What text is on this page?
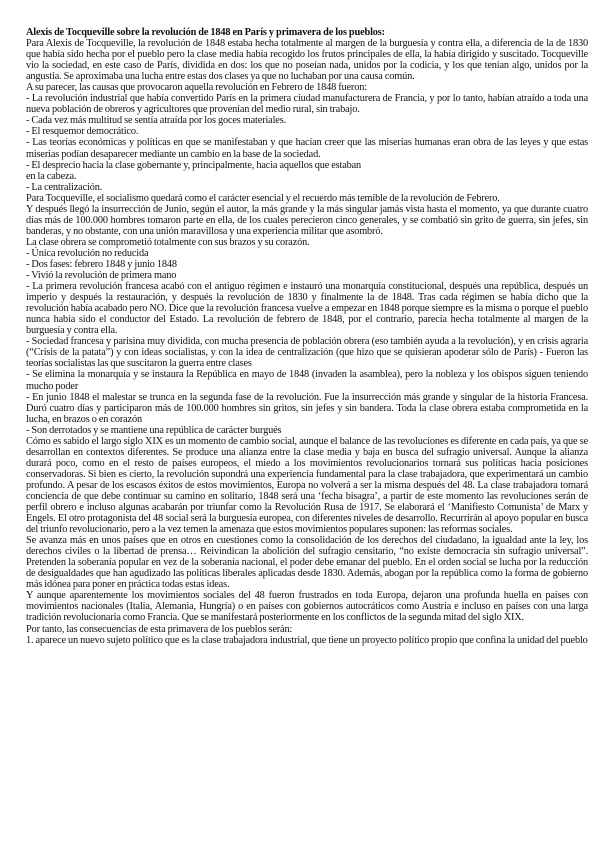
Alexis de Tocqueville sobre la revolución de 1848 en París y primavera de los pueblos:

Para Alexis de Tocqueville, la revolución de 1848 estaba hecha totalmente al margen de la burguesía y contra ella, a diferencia de la de 1830 que había sido hecha por el pueblo pero la clase media había recogido los frutos principales de ella, la había dirigido y suscitado. Tocqueville vio la sociedad, en este caso de París, dividida en dos: los que no poseían nada, unidos por la codicia, y los que tenían algo, unidos por la angustia. Se aproximaba una lucha entre estas dos clases ya que no luchaban por una causa común.

A su parecer, las causas que provocaron aquella revolución en Febrero de 1848 fueron:

- La revolución industrial que había convertido París en la primera ciudad manufacturera de Francia, y por lo tanto, habían atraído a toda una nueva población de obreros y agricultores que provenían del medio rural, sin trabajo.

- Cada vez más multitud se sentía atraída por los goces materiales.

- El resquemor democrático.

- Las teorías económicas y políticas en que se manifestaban y que hacían creer que las miserias humanas eran obra de las leyes y que estas miserias podían desaparecer mediante un cambio en la base de la sociedad.

- El desprecio hacia la clase gobernante y, principalmente, hacia aquellos que estaban

en la cabeza.

- La centralización.

Para Tocqueville, el socialismo quedará como el carácter esencial y el recuerdo más temible de la revolución de Febrero.

Y después llegó la insurrección de Junio, según el autor, la más grande y la más singular jamás vista hasta el momento, ya que durante cuatro días más de 100.000 hombres tomaron parte en ella, de los cuales perecieron cinco generales, y se combatió sin grito de guerra, sin jefes, sin banderas, y no obstante, con una unión maravillosa y una experiencia militar que asombró.

La clase obrera se comprometió totalmente con sus brazos y su corazón.

- Única revolución no reducida

- Dos fases: febrero 1848 y junio 1848

- Vivió la revolución de primera mano

- La primera revolución francesa acabó con el antiguo régimen e instauró una monarquía constitucional, después una república, después un imperio y después la restauración, y después la revolución de 1830 y finalmente la de 1848. Tras cada régimen se había dicho que la revolución había acabado pero NO. Dice que la revolución francesa vuelve a empezar en 1848 porque siempre es la misma o porque el pueblo nunca había sido el conductor del Estado. La revolución de febrero de 1848, por el contrario, parecía hecha totalmente al margen de la burguesía y contra ella.

- Sociedad francesa y parisina muy dividida, con mucha presencia de población obrera (eso también ayuda a la revolución), y en crisis agraria (“Crisis de la patata”) y con ideas socialistas, y con la idea de centralización (que hizo que se quisieran apoderar sólo de París) - Fueron las teorías socialistas las que suscitaron la guerra entre clases

- Se elimina la monarquía y se instaura la República en mayo de 1848 (invaden la asamblea), pero la nobleza y los obispos siguen teniendo mucho poder

- En junio 1848 el malestar se trunca en la segunda fase de la revolución. Fue la insurrección más grande y singular de la historia Francesa. Duró cuatro días y participaron más de 100.000 hombres sin gritos, sin jefes y sin bandera. Toda la clase obrera estaba comprometida en la lucha, en brazos o en corazón

- Son derrotados y se mantiene una república de carácter burgués

Cómo es sabido el largo siglo XIX es un momento de cambio social, aunque el balance de las revoluciones es diferente en cada país, ya que se desarrollan en contextos diferentes. Se produce una alianza entre la clase media y baja en busca del sufragio universal. Aunque la alianza durará poco, como en el resto de países europeos, el miedo a los movimientos revolucionarios tornará sus políticas hacia posiciones conservadoras. Si bien es cierto, la revolución supondrá una experiencia fundamental para la clase trabajadora, que experimentará un cambio profundo. A pesar de los escasos éxitos de estos movimientos, Europa no volverá a ser la misma después del 48. La clase trabajadora tomará conciencia de que debe continuar su camino en solitario, 1848 será una ‘fecha bisagra’, a partir de este momento las revoluciones serán de perfil obrero e incluso algunas acabarán por triunfar como la Revolución Rusa de 1917. Se elaborará el ‘Manifiesto Comunista’ de Marx y Engels. El otro protagonista del 48 social será la burguesía europea, con diferentes niveles de desarrollo. Recurrirán al apoyo popular en busca del triunfo revolucionario, pero a la vez temen la amenaza que estos movimientos populares suponen: las reformas sociales.

Se avanza más en unos países que en otros en cuestiones como la consolidación de los derechos del ciudadano, la igualdad ante la ley, los derechos civiles o la libertad de prensa… Reivindican la abolición del sufragio censitario, “no existe democracia sin sufragio universal”. Pretenden la soberanía popular en vez de la soberanía nacional, el poder debe emanar del pueblo. En el orden social se lucha por la reducción de desigualdades que han agudizado las políticas liberales aplicadas desde 1830. Además, abogan por la república como la forma de gobierno más idónea para poner en práctica todas estas ideas.

Y aunque aparentemente los movimientos sociales del 48 fueron frustrados en toda Europa, dejaron una profunda huella en países con movimientos nacionales (Italia, Alemania, Hungría) o en países con gobiernos autocráticos como Austria e incluso en países con una larga tradición revolucionaria como Francia. Que se manifestará posteriormente en los conflictos de la segunda mitad del siglo XIX.

Por tanto, las consecuencias de esta primavera de los pueblos serán:

1. aparece un nuevo sujeto político que es la clase trabajadora industrial, que tiene un proyecto político propio que confina la unidad del pueblo
